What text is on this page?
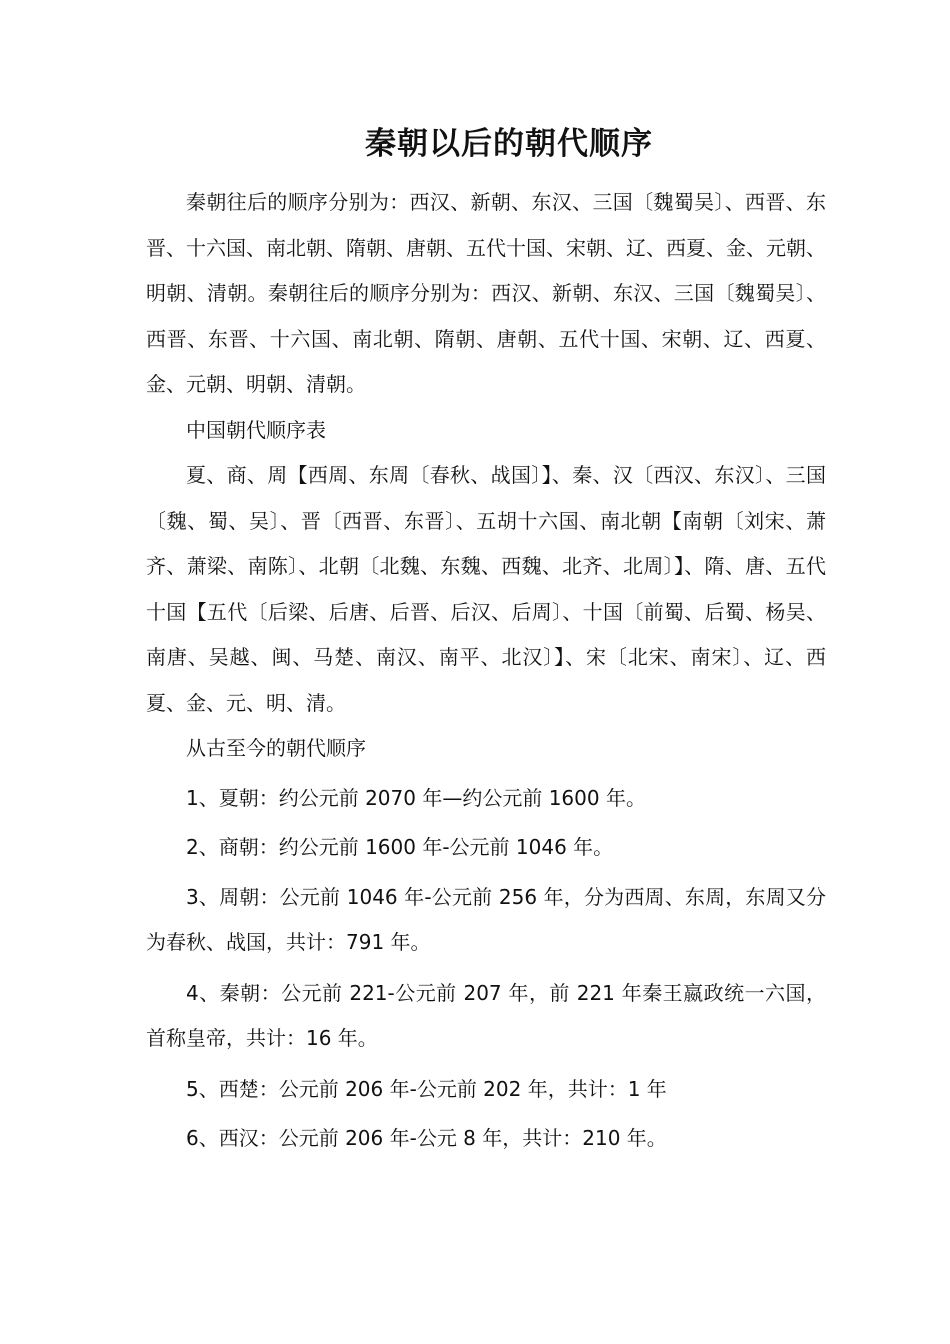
秦朝以后的朝代顺序

秦朝往后的顺序分别为：西汉、新朝、东汉、三国〔魏蜀吴〕、西晋、东晋、十六国、南北朝、隋朝、唐朝、五代十国、宋朝、辽、西夏、金、元朝、明朝、清朝。秦朝往后的顺序分别为：西汉、新朝、东汉、三国〔魏蜀吴〕、西晋、东晋、十六国、南北朝、隋朝、唐朝、五代十国、宋朝、辽、西夏、金、元朝、明朝、清朝。

中国朝代顺序表

夏、商、周【西周、东周〔春秋、战国〕】、秦、汉〔西汉、东汉〕、三国〔魏、蜀、吴〕、晋〔西晋、东晋〕、五胡十六国、南北朝【南朝〔刘宋、萧齐、萧梁、南陈〕、北朝〔北魏、东魏、西魏、北齐、北周〕】、隋、唐、五代十国【五代〔后梁、后唐、后晋、后汉、后周〕、十国〔前蜀、后蜀、杨吴、南唐、吴越、闽、马楚、南汉、南平、北汉〕】、宋〔北宋、南宋〕、辽、西夏、金、元、明、清。

从古至今的朝代顺序

1、夏朝：约公元前 2070 年—约公元前 1600 年。

2、商朝：约公元前 1600 年-公元前 1046 年。

3、周朝：公元前 1046 年-公元前 256 年，分为西周、东周，东周又分为春秋、战国，共计：791 年。

4、秦朝：公元前 221-公元前 207 年，前 221 年秦王嬴政统一六国，首称皇帝，共计：16 年。

5、西楚：公元前 206 年-公元前 202 年，共计：1 年

6、西汉：公元前 206 年-公元 8 年，共计：210 年。
